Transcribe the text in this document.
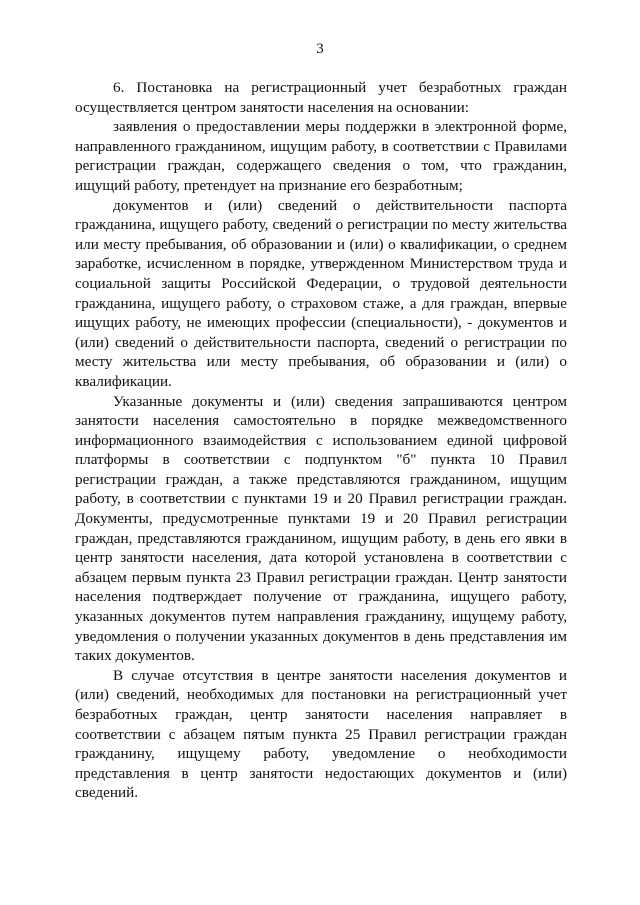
3

6. Постановка на регистрационный учет безработных граждан осуществляется центром занятости населения на основании:

заявления о предоставлении меры поддержки в электронной форме, направленного гражданином, ищущим работу, в соответствии с Правилами регистрации граждан, содержащего сведения о том, что гражданин, ищущий работу, претендует на признание его безработным;

документов и (или) сведений о действительности паспорта гражданина, ищущего работу, сведений о регистрации по месту жительства или месту пребывания, об образовании и (или) о квалификации, о среднем заработке, исчисленном в порядке, утвержденном Министерством труда и социальной защиты Российской Федерации, о трудовой деятельности гражданина, ищущего работу, о страховом стаже, а для граждан, впервые ищущих работу, не имеющих профессии (специальности), - документов и (или) сведений о действительности паспорта, сведений о регистрации по месту жительства или месту пребывания, об образовании и (или) о квалификации.

Указанные документы и (или) сведения запрашиваются центром занятости населения самостоятельно в порядке межведомственного информационного взаимодействия с использованием единой цифровой платформы в соответствии с подпунктом "б" пункта 10 Правил регистрации граждан, а также представляются гражданином, ищущим работу, в соответствии с пунктами 19 и 20 Правил регистрации граждан. Документы, предусмотренные пунктами 19 и 20 Правил регистрации граждан, представляются гражданином, ищущим работу, в день его явки в центр занятости населения, дата которой установлена в соответствии с абзацем первым пункта 23 Правил регистрации граждан. Центр занятости населения подтверждает получение от гражданина, ищущего работу, указанных документов путем направления гражданину, ищущему работу, уведомления о получении указанных документов в день представления им таких документов.

В случае отсутствия в центре занятости населения документов и (или) сведений, необходимых для постановки на регистрационный учет безработных граждан, центр занятости населения направляет в соответствии с абзацем пятым пункта 25 Правил регистрации граждан гражданину, ищущему работу, уведомление о необходимости представления в центр занятости недостающих документов и (или) сведений.
